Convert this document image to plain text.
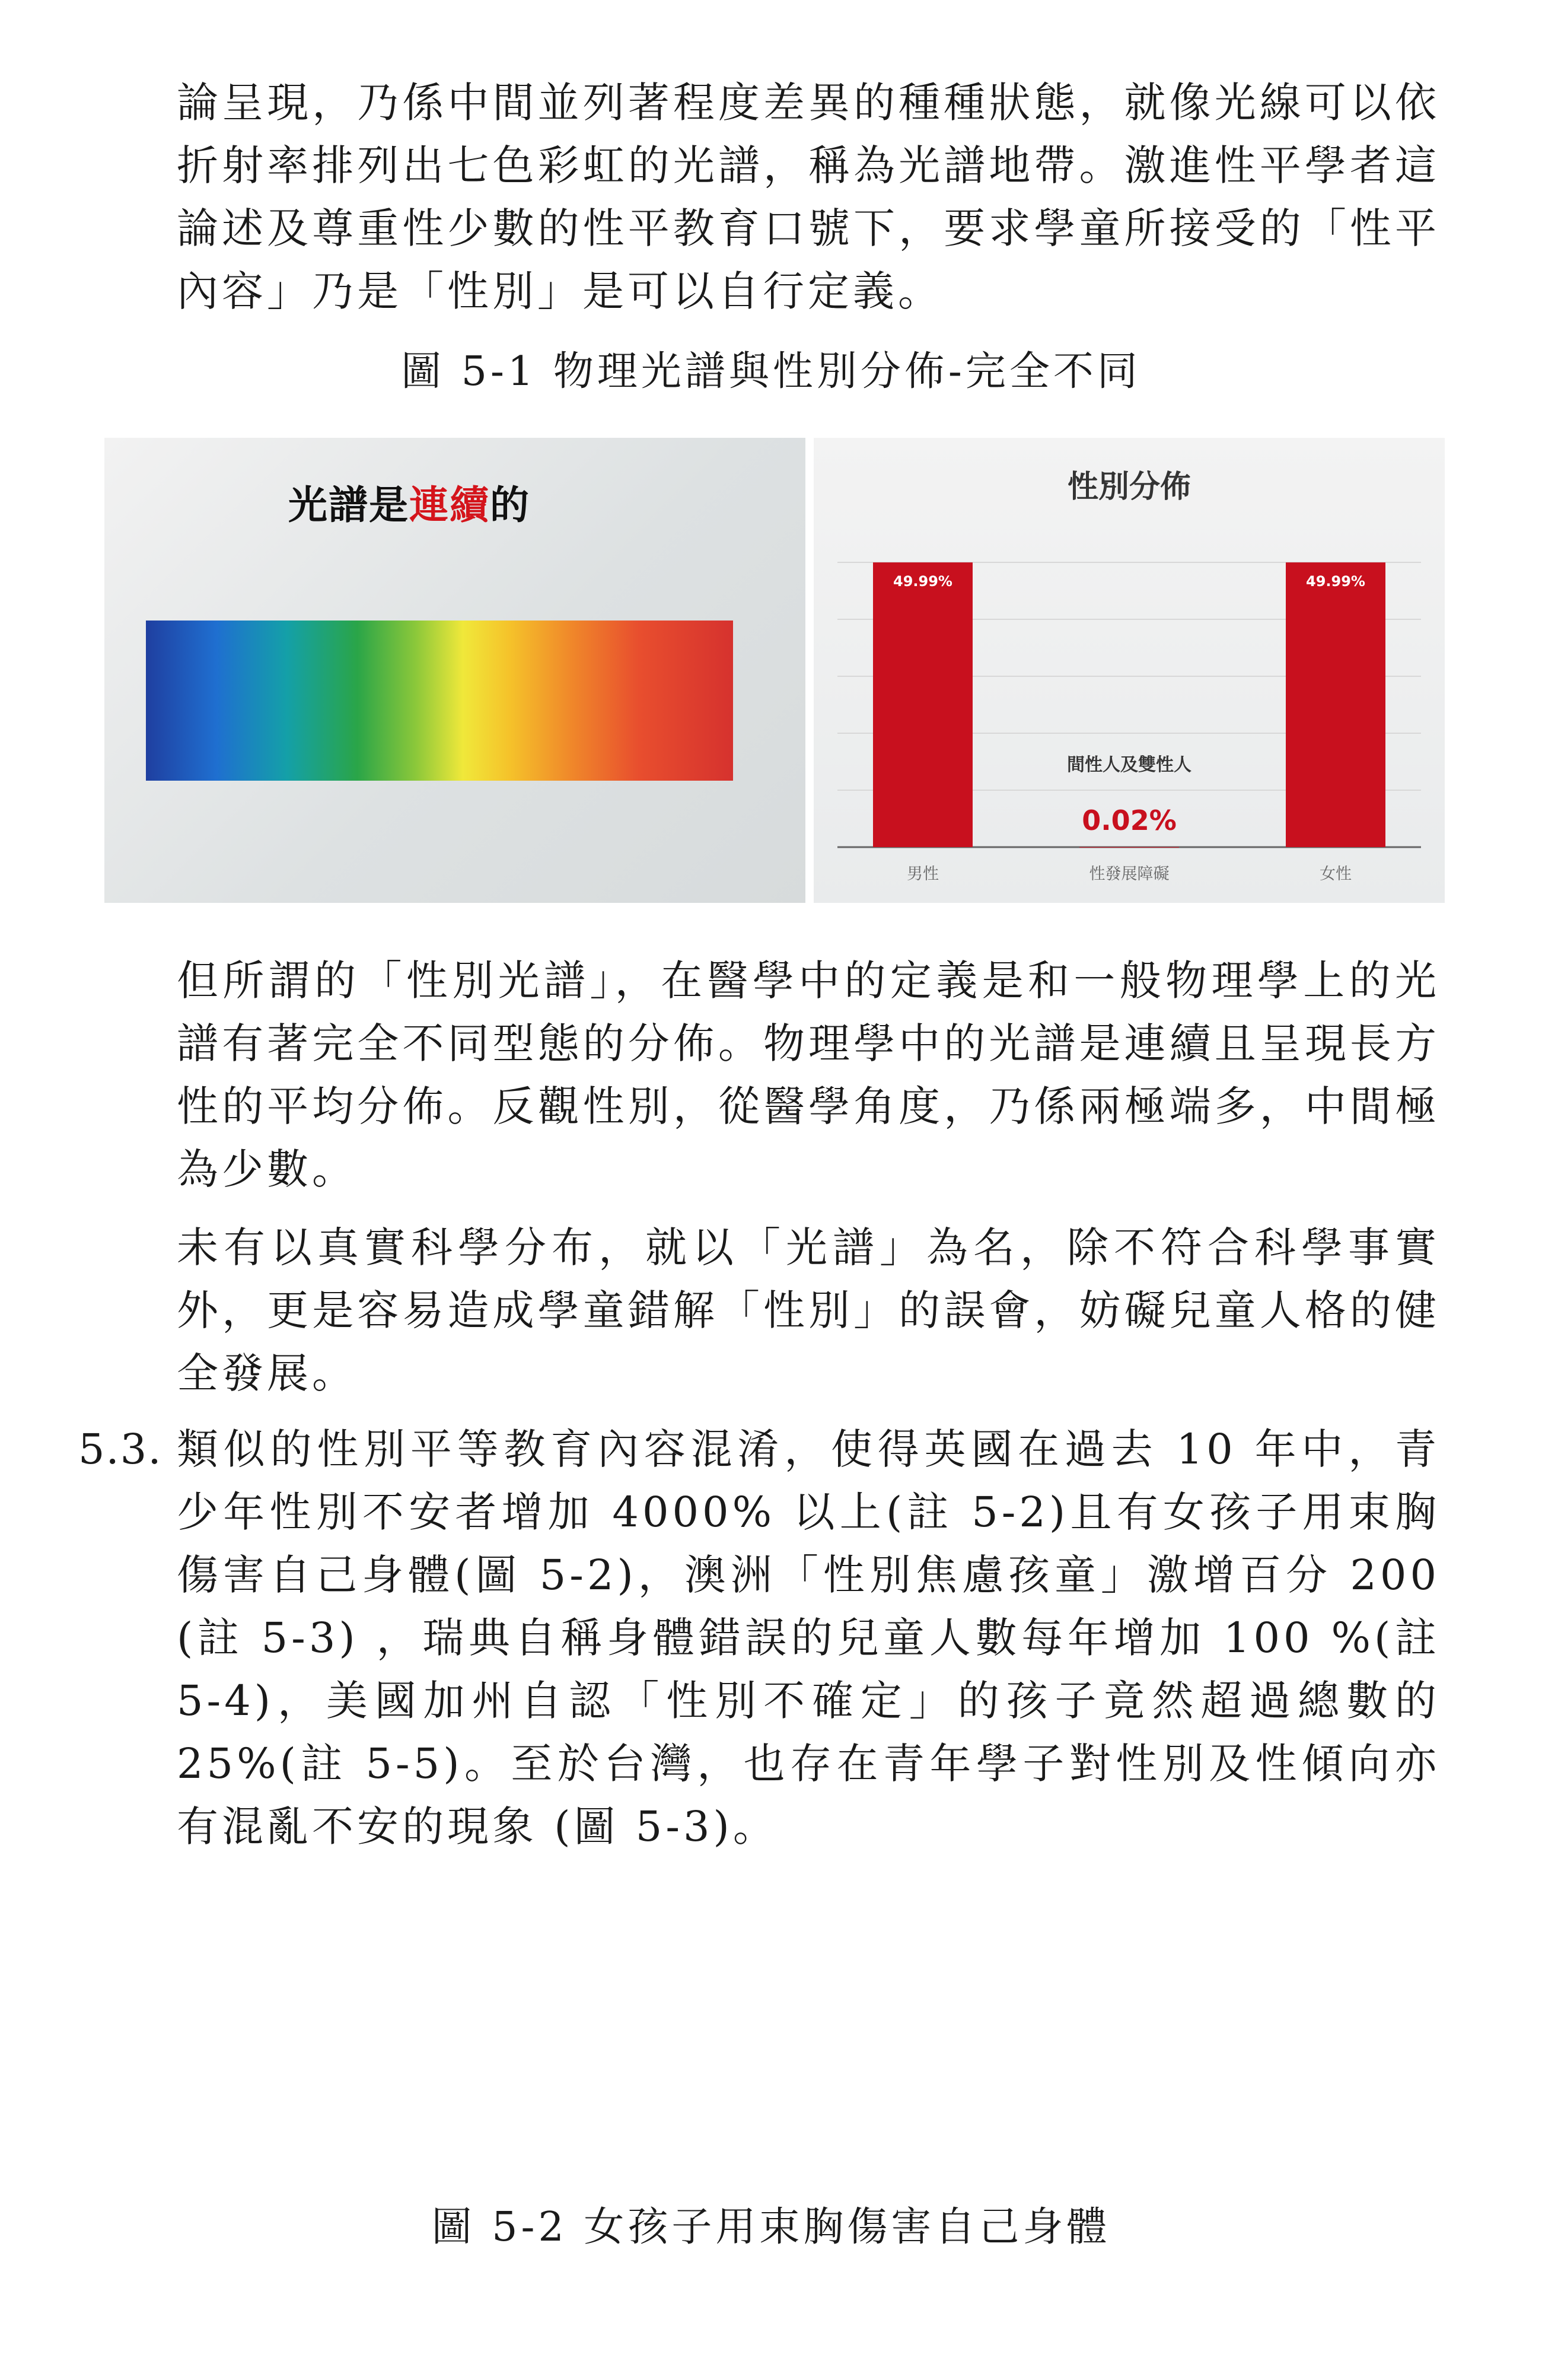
論呈現，乃係中間並列著程度差異的種種狀態，就像光線可以依折射率排列出七色彩虹的光譜，稱為光譜地帶。激進性平學者這論述及尊重性少數的性平教育口號下，要求學童所接受的「性平內容」乃是「性別」是可以自行定義。

圖 5-1 物理光譜與性別分佈-完全不同
光譜是連續的	性別分佈
49.99%
男性	性發展障礙
49.99%
女性
間性人及雙性人
0.02%

但所謂的「性別光譜」，在醫學中的定義是和一般物理學上的光譜有著完全不同型態的分佈。物理學中的光譜是連續且呈現長方性的平均分佈。反觀性別，從醫學角度，乃係兩極端多，中間極為少數。

未有以真實科學分布，就以「光譜」為名，除不符合科學事實外，更是容易造成學童錯解「性別」的誤會，妨礙兒童人格的健全發展。

5.3. 類似的性別平等教育內容混淆，使得英國在過去 10 年中，青少年性別不安者增加 4000% 以上(註 5-2)且有女孩子用束胸傷害自己身體(圖 5-2)，澳洲「性別焦慮孩童」激增百分 200 (註 5-3) ，瑞典自稱身體錯誤的兒童人數每年增加 100 %(註 5-4)，美國加州自認「性別不確定」的孩子竟然超過總數的 25%(註 5-5)。至於台灣，也存在青年學子對性別及性傾向亦有混亂不安的現象 (圖 5-3)。

圖 5-2 女孩子用束胸傷害自己身體
